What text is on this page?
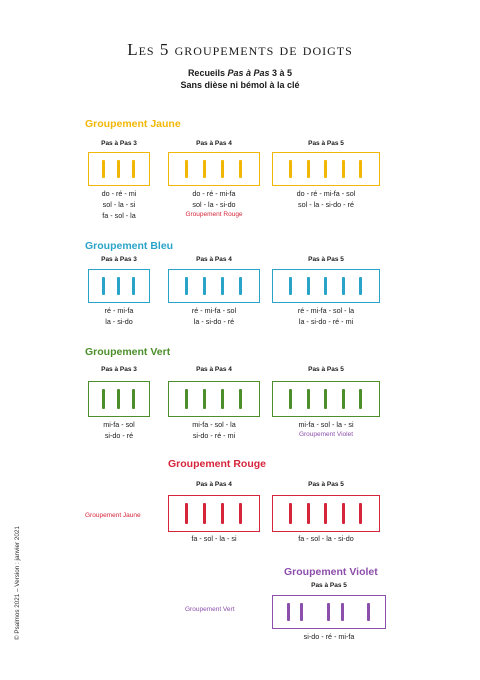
Les 5 groupements de doigts
Recueils Pas à Pas 3 à 5
Sans dièse ni bémol à la clé
Groupement Jaune
Pas à Pas 3
do - ré - mi
sol - la - si
fa - sol - la
Pas à Pas 4
do - ré - mi-fa
sol - la - si-do
Groupement Rouge
Pas à Pas 5
do - ré - mi-fa - sol
sol - la - si-do - ré
Groupement Bleu
Pas à Pas 3
ré - mi-fa
la - si-do
Pas à Pas 4
ré - mi-fa - sol
la - si-do - ré
Pas à Pas 5
ré - mi-fa - sol - la
la - si-do - ré - mi
Groupement Vert
Pas à Pas 3
mi-fa - sol
si-do - ré
Pas à Pas 4
mi-fa - sol - la
si-do - ré - mi
Pas à Pas 5
mi-fa - sol - la - si
Groupement Violet
Groupement Rouge
Groupement Jaune
Pas à Pas 4
fa - sol - la - si
Pas à Pas 5
fa - sol - la - si-do
Groupement Violet
Groupement Vert
Pas à Pas 5
si-do - ré - mi-fa
© Psalmos 2021 – Version : janvier 2021
